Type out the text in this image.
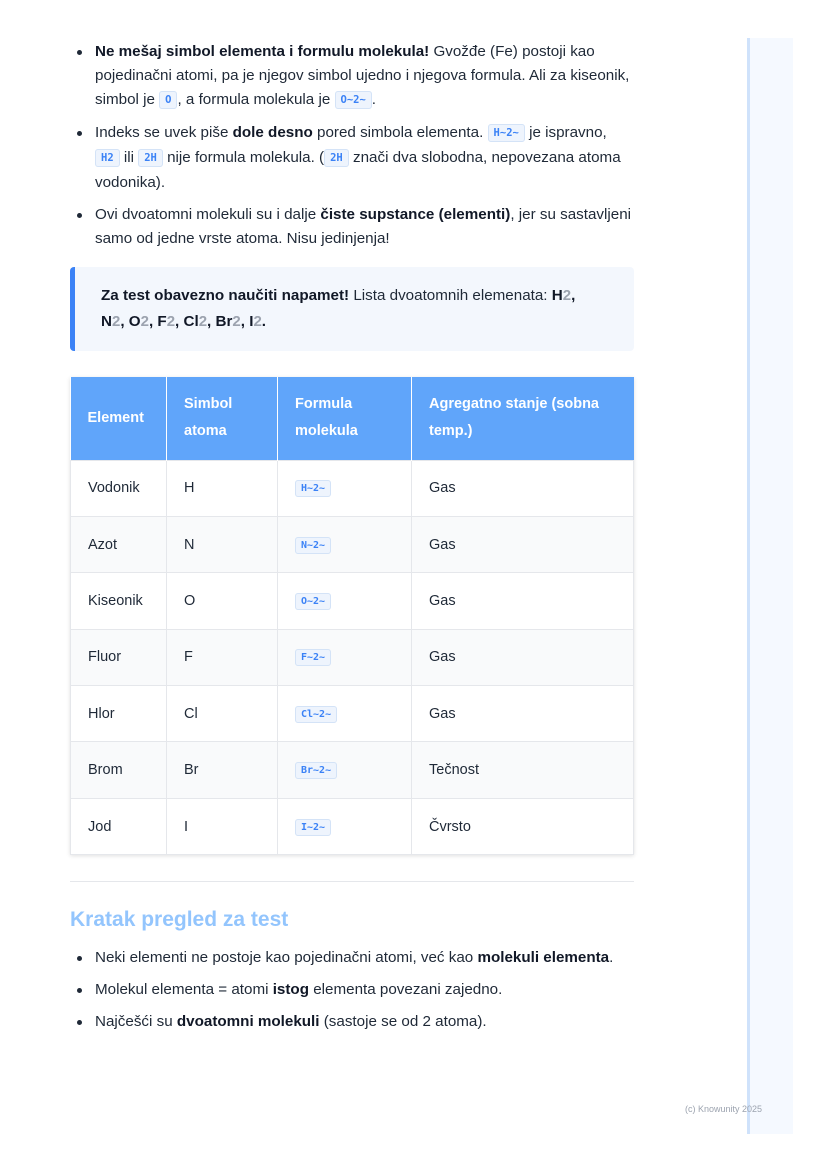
Ne mešaj simbol elementa i formulu molekula! Gvožđe (Fe) postoji kao pojedinačni atomi, pa je njegov simbol ujedno i njegova formula. Ali za kiseonik, simbol je O , a formula molekula je O~2~ .
Indeks se uvek piše dole desno pored simbola elementa. H~2~ je ispravno, H2 ili 2H nije formula molekula. ( 2H znači dva slobodna, nepovezana atoma vodonika).
Ovi dvoatomni molekuli su i dalje čiste supstance (elementi), jer su sastavljeni samo od jedne vrste atoma. Nisu jedinjenja!
Za test obavezno naučiti napamet! Lista dvoatomnih elemenata: H2,
N2, O2, F2, Cl2, Br2, I2.
Element	Simbol atoma	Formula molekula	Agregatno stanje (sobna temp.)
Vodonik	H	H~2~	Gas
Azot	N	N~2~	Gas
Kiseonik	O	O~2~	Gas
Fluor	F	F~2~	Gas
Hlor	Cl	Cl~2~	Gas
Brom	Br	Br~2~	Tečnost
Jod	I	I~2~	Čvrsto
Kratak pregled za test
Neki elementi ne postoje kao pojedinačni atomi, već kao molekuli elementa.
Molekul elementa = atomi istog elementa povezani zajedno.
Najčešći su dvoatomni molekuli (sastoje se od 2 atoma).
(c) Knowunity 2025
